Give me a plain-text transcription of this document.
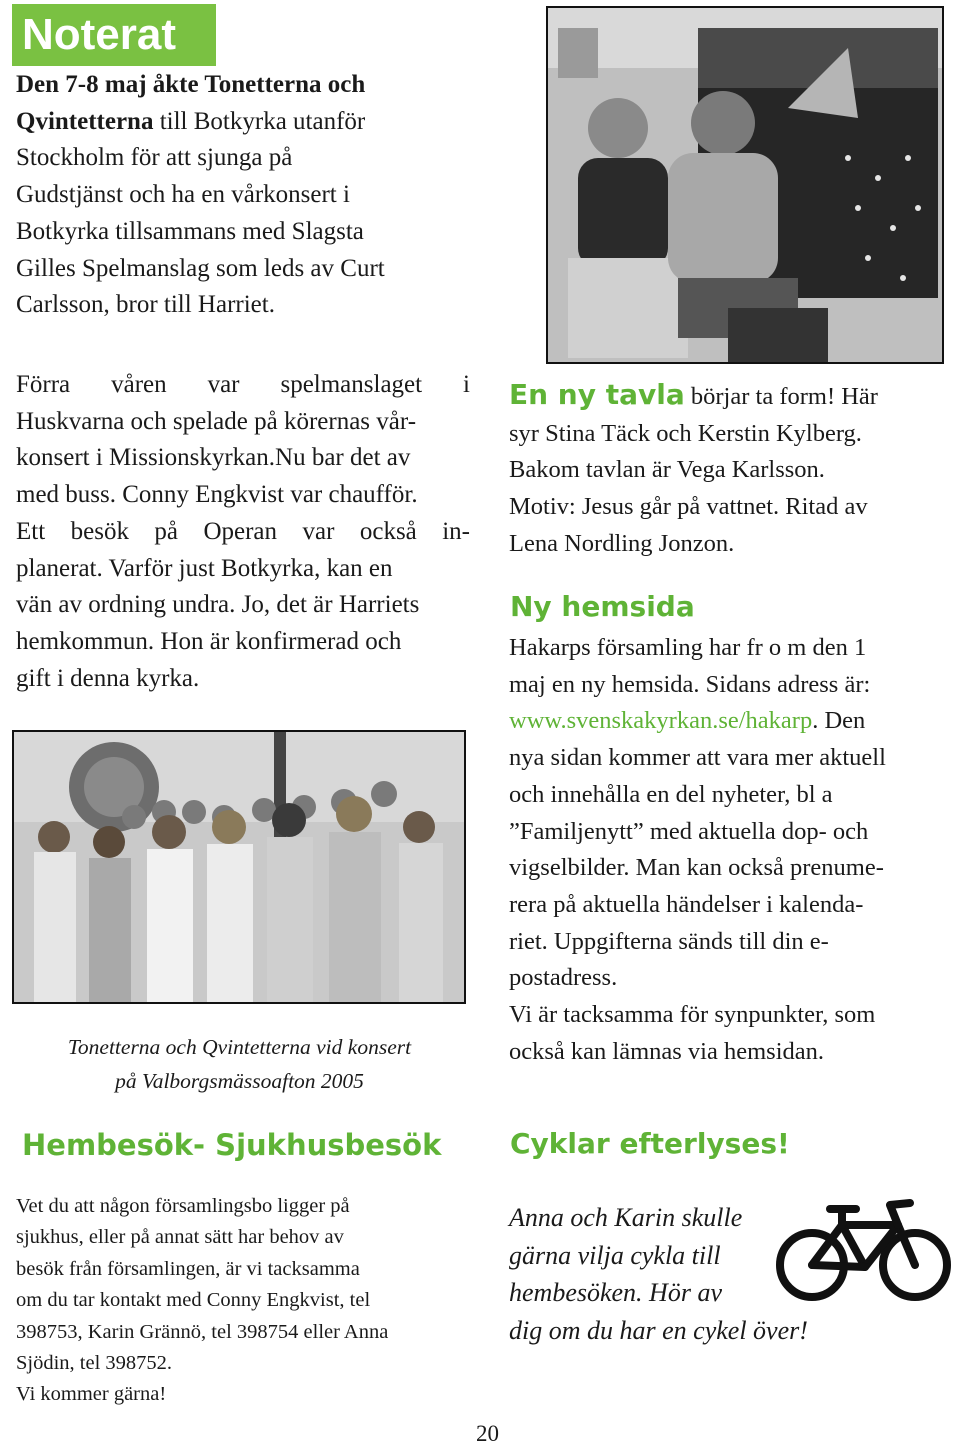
Noterat
Den 7-8 maj åkte Tonetterna och
Qvintetterna till Botkyrka utanför
Stockholm för att sjunga på
Gudstjänst och ha en vårkonsert i
Botkyrka tillsammans med Slagsta
Gilles Spelmanslag som leds av Curt
Carlsson, bror till Harriet.
Förra våren var spelmanslaget i
Huskvarna och spelade på körernas vår-
konsert i Missionskyrkan.Nu bar det av
med buss. Conny Engkvist var chaufför.
Ett besök på Operan var också in-
planerat. Varför just Botkyrka, kan en
vän av ordning undra. Jo, det är Harriets
hemkommun. Hon är konfirmerad och
gift i denna kyrka.
Tonetterna och Qvintetterna vid konsert
på Valborgsmässoafton 2005
Hembesök- Sjukhusbesök
Vet du att någon församlingsbo ligger på
sjukhus, eller på annat sätt har behov av
besök från församlingen, är vi tacksamma
om du tar kontakt med Conny Engkvist, tel
398753, Karin Grännö, tel 398754 eller Anna
Sjödin, tel 398752.
Vi kommer gärna!
En ny tavla börjar ta form! Här
syr Stina Täck och Kerstin Kylberg.
Bakom tavlan är Vega Karlsson.
Motiv: Jesus går på vattnet. Ritad av
Lena Nordling Jonzon.
Ny hemsida
Hakarps församling har fr o m den 1
maj en ny hemsida. Sidans adress är:
www.svenskakyrkan.se/hakarp. Den
nya sidan kommer att vara mer aktuell
och innehålla en del nyheter, bl a
”Familjenytt” med aktuella dop- och
vigselbilder. Man kan också prenume-
rera på aktuella händelser i kalenda-
riet. Uppgifterna sänds till din e-
postadress.
Vi är tacksamma för synpunkter, som
också kan lämnas via hemsidan.
Cyklar efterlyses!
Anna och Karin skulle
gärna vilja cykla till
hembesöken. Hör av
dig om du har en cykel över!
20
